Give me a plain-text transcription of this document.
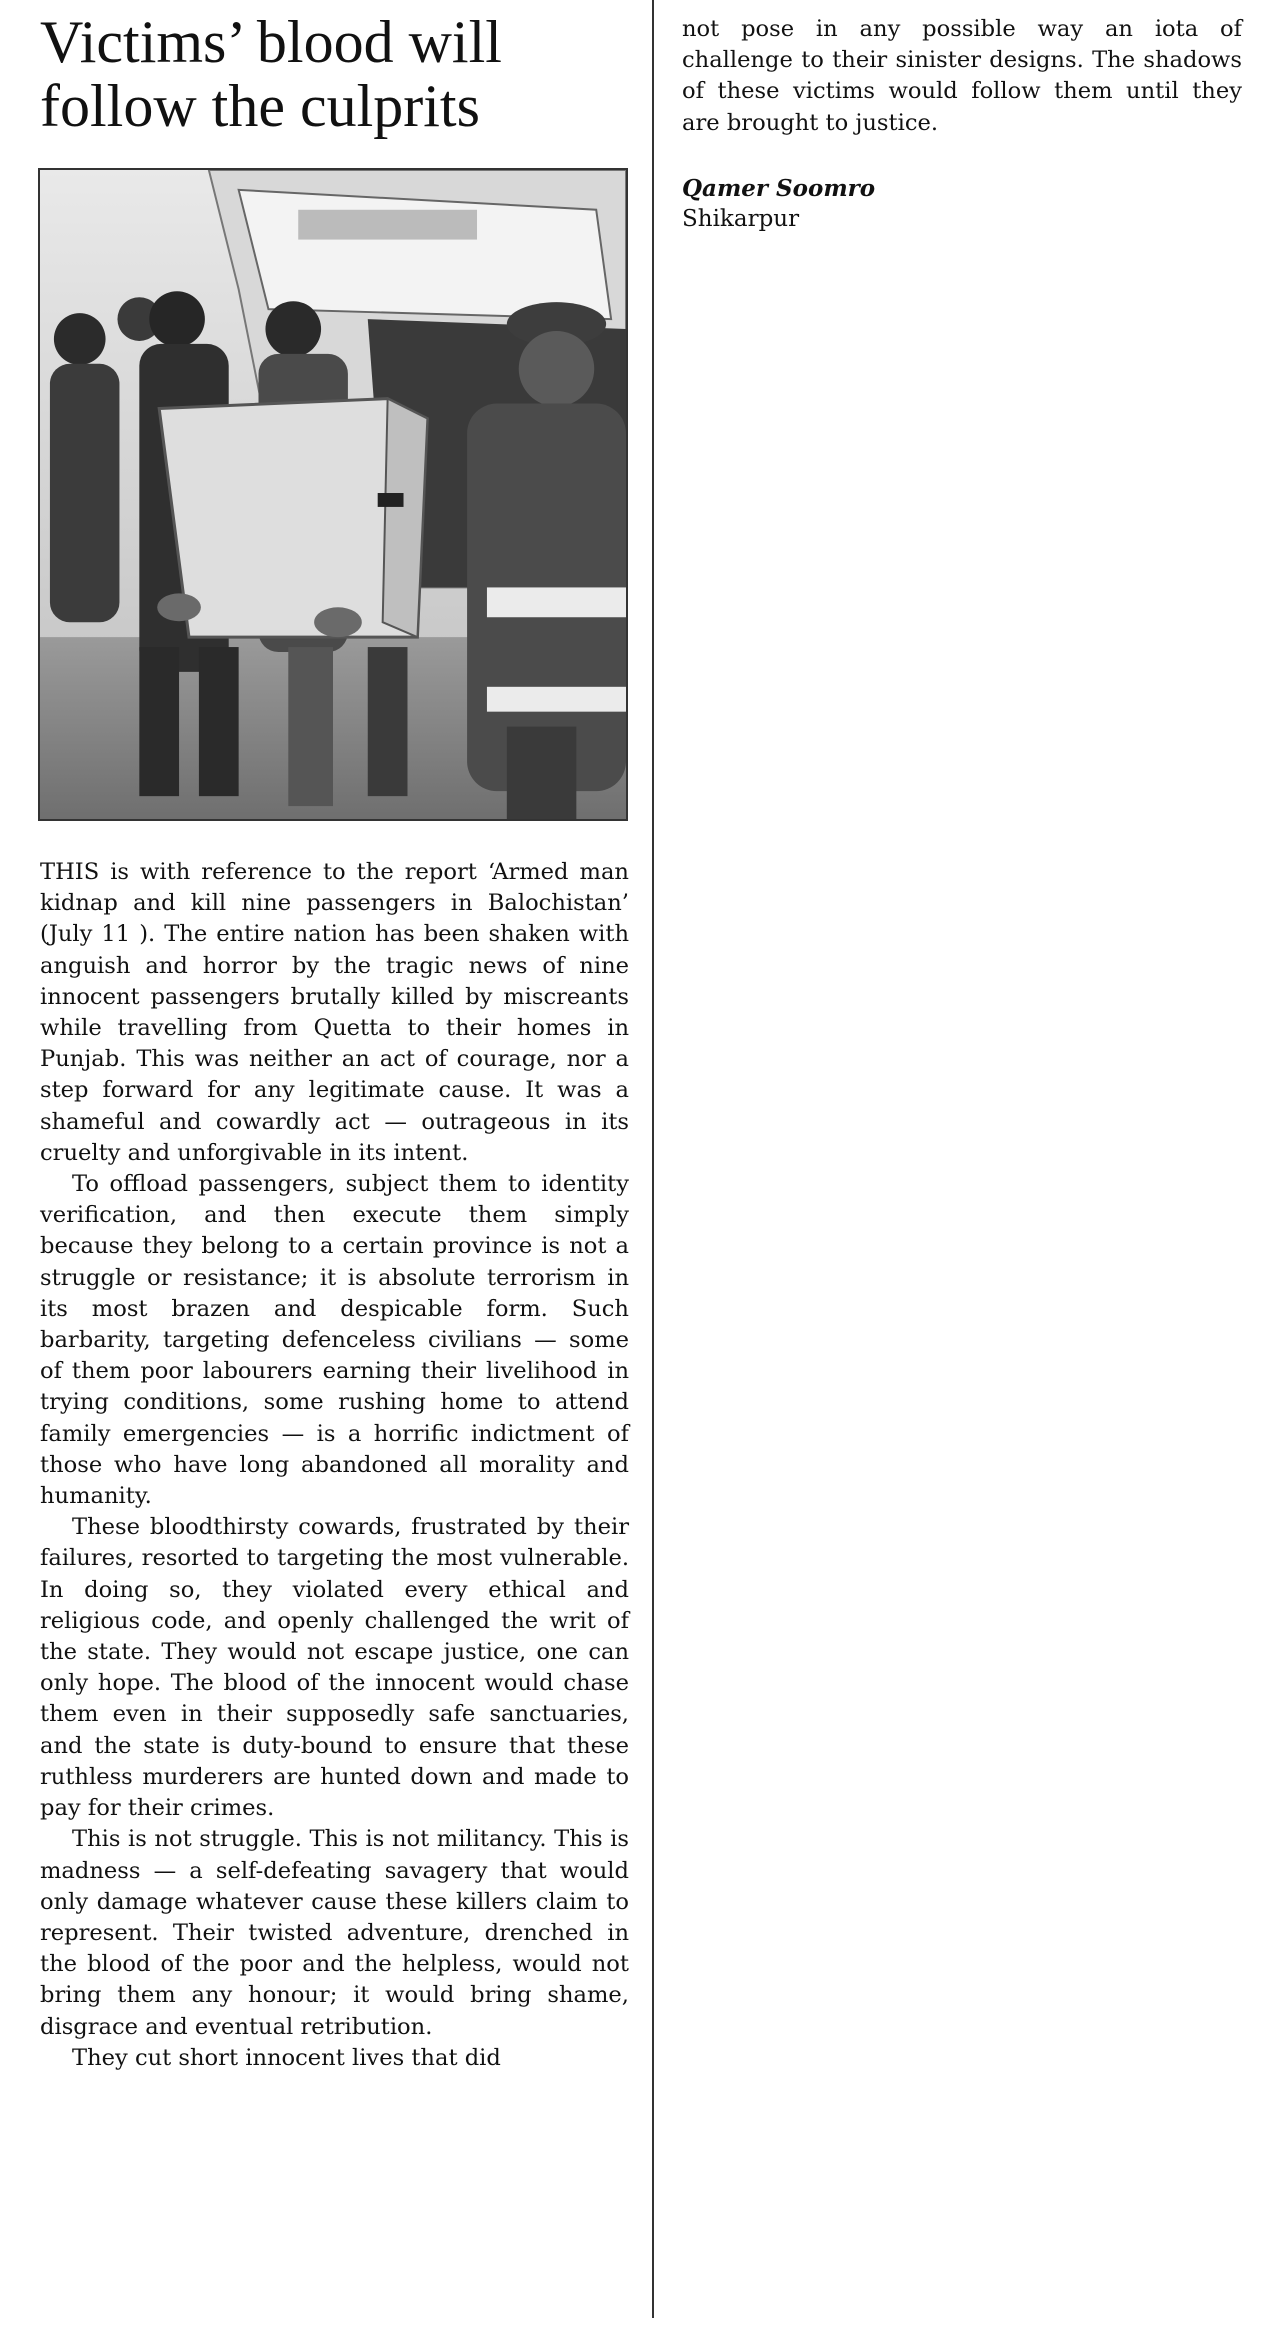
Victims’ blood will follow the culprits

THIS is with reference to the report ‘Armed man kidnap and kill nine passengers in Balochistan’ (July 11 ). The entire nation has been shaken with anguish and horror by the tragic news of nine innocent passengers brutally killed by miscreants while travelling from Quetta to their homes in Punjab. This was neither an act of courage, nor a step forward for any legitimate cause. It was a shameful and cowardly act — outrageous in its cruelty and unforgivable in its intent.

To offload passengers, subject them to identity verification, and then execute them simply because they belong to a certain province is not a struggle or resistance; it is absolute terrorism in its most brazen and despicable form. Such barbarity, targeting defenceless civilians — some of them poor labourers earning their livelihood in trying conditions, some rushing home to attend family emergencies — is a horrific indictment of those who have long abandoned all morality and humanity.

These bloodthirsty cowards, frustrated by their failures, resorted to targeting the most vulnerable. In doing so, they violated every ethical and religious code, and openly challenged the writ of the state. They would not escape justice, one can only hope. The blood of the innocent would chase them even in their supposedly safe sanctuaries, and the state is duty-bound to ensure that these ruthless murderers are hunted down and made to pay for their crimes.

This is not struggle. This is not militancy. This is madness — a self-defeating savagery that would only damage whatever cause these killers claim to represent. Their twisted adventure, drenched in the blood of the poor and the helpless, would not bring them any honour; it would bring shame, disgrace and eventual retribution.

They cut short innocent lives that did

not pose in any possible way an iota of challenge to their sinister designs. The shadows of these victims would follow them until they are brought to justice.

Qamer Soomro
Shikarpur
